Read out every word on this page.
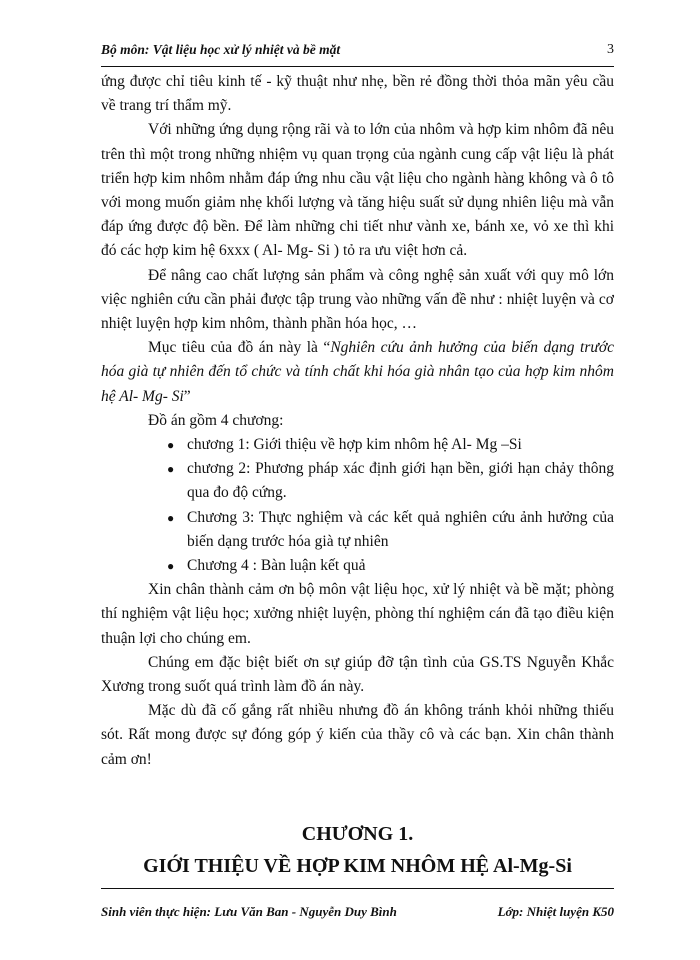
Bộ môn: Vật liệu học xử lý nhiệt và bề mặt	3

ứng được chỉ tiêu kinh tế - kỹ thuật như nhẹ, bền rẻ đồng thời thỏa mãn yêu cầu về trang trí thẩm mỹ.

Với những ứng dụng rộng rãi và to lớn của nhôm và hợp kim nhôm đã nêu trên thì một trong những nhiệm vụ quan trọng của ngành cung cấp vật liệu là phát triển hợp kim nhôm nhằm đáp ứng nhu cầu vật liệu cho ngành hàng không và ô tô với mong muốn giảm nhẹ khối lượng và tăng hiệu suất sử dụng nhiên liệu mà vẫn đáp ứng được độ bền. Để làm những chi tiết như vành xe, bánh xe, vỏ xe thì khi đó các hợp kim hệ 6xxx ( Al- Mg- Si ) tỏ ra ưu việt hơn cả.

Để nâng cao chất lượng sản phẩm và công nghệ sản xuất với quy mô lớn việc nghiên cứu cần phải được tập trung vào những vấn đề như : nhiệt luyện và cơ nhiệt luyện hợp kim nhôm, thành phần hóa học, …

Mục tiêu của đồ án này là “Nghiên cứu ảnh hưởng của biến dạng trước hóa già tự nhiên đến tổ chức và tính chất khi hóa già nhân tạo của hợp kim nhôm hệ Al- Mg- Si”

Đồ án gồm 4 chương:

● chương 1: Giới thiệu về hợp kim nhôm hệ Al- Mg –Si
● chương 2: Phương pháp xác định giới hạn bền, giới hạn chảy thông qua đo độ cứng.
● Chương 3: Thực nghiệm và các kết quả nghiên cứu ảnh hưởng của biến dạng trước hóa già tự nhiên
● Chương 4 : Bàn luận kết quả

Xin chân thành cảm ơn bộ môn vật liệu học, xử lý nhiệt và bề mặt; phòng thí nghiệm vật liệu học; xưởng nhiệt luyện, phòng thí nghiệm cán đã tạo điều kiện thuận lợi cho chúng em.

Chúng em đặc biệt biết ơn sự giúp đỡ tận tình của GS.TS Nguyễn Khắc Xương trong suốt quá trình làm đồ án này.

Mặc dù đã cố gắng rất nhiều nhưng đồ án không tránh khỏi những thiếu sót. Rất mong được sự đóng góp ý kiến của thầy cô và các bạn. Xin chân thành cảm ơn!

CHƯƠNG 1.
GIỚI THIỆU VỀ HỢP KIM NHÔM HỆ Al-Mg-Si
Sinh viên thực hiện: Lưu Văn Ban - Nguyễn Duy Bình	Lớp: Nhiệt luyện K50
